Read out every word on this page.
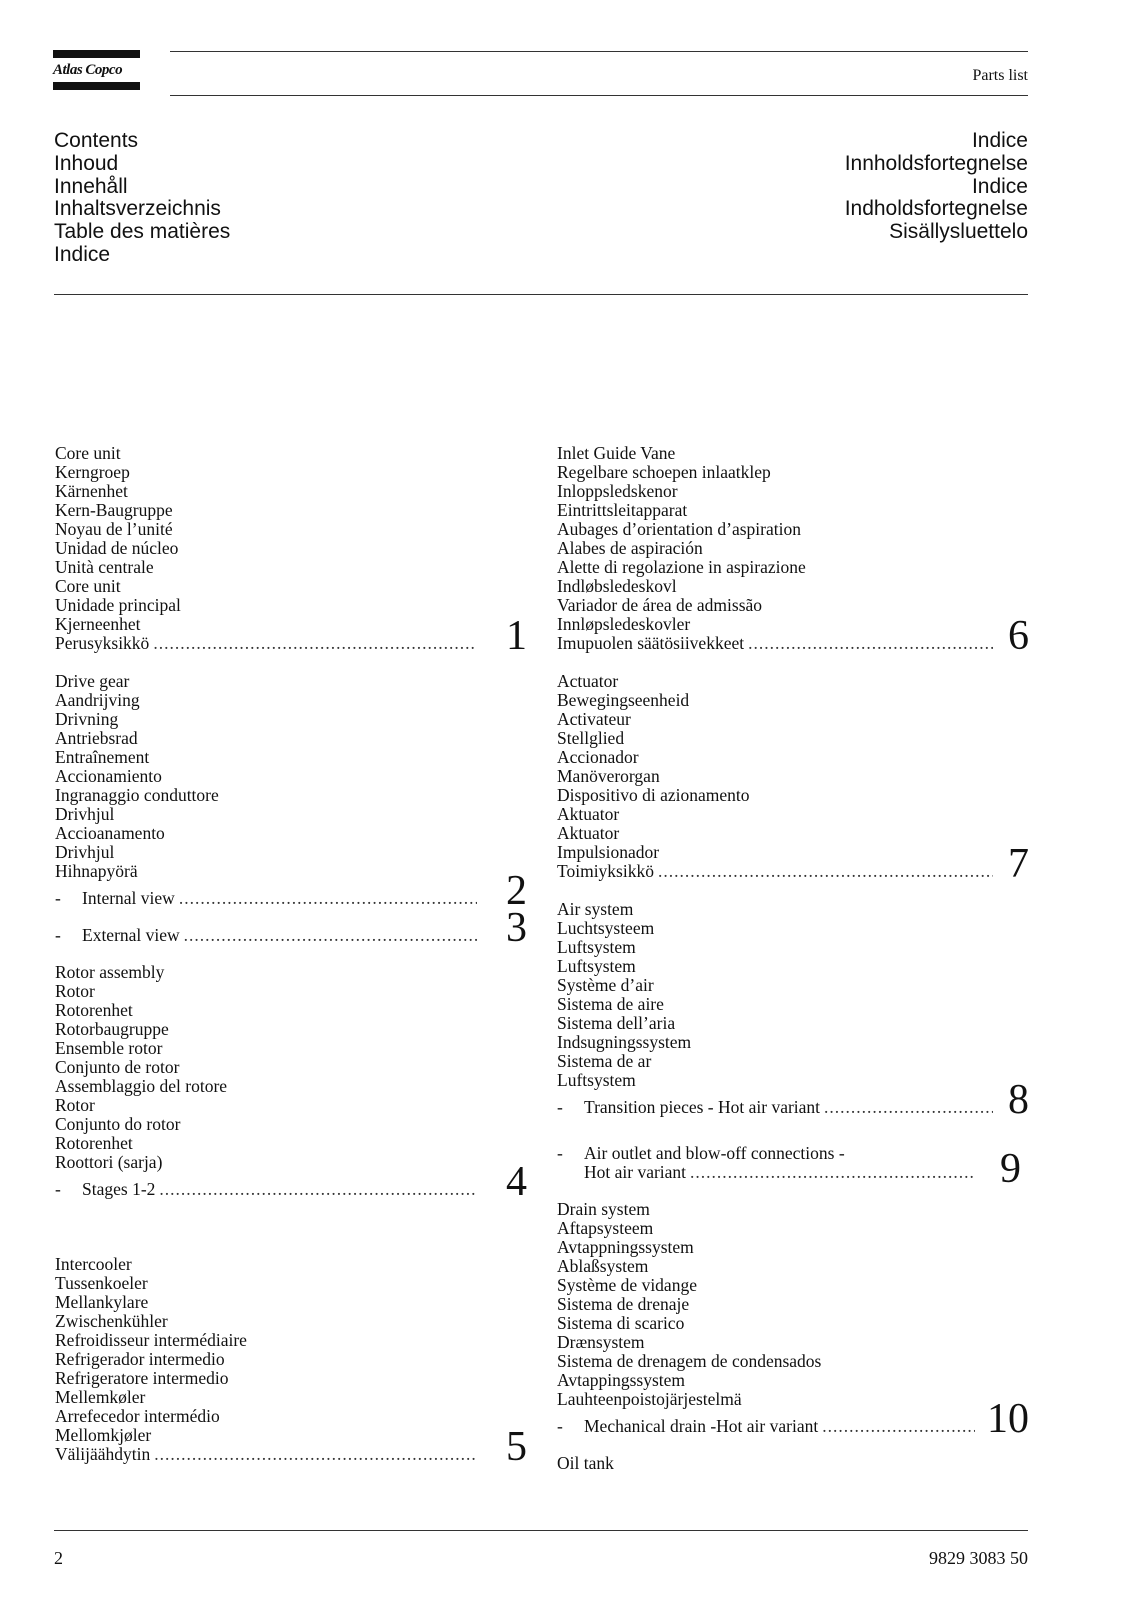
Atlas Copco	Parts list
Contents
Inhoud
Innehåll
Inhaltsverzeichnis
Table des matières
Indice
Indice
Innholdsfortegnelse
Indice
Indholdsfortegnelse
Sisällysluettelo
Core unit
Kerngroep
Kärnenhet
Kern-Baugruppe
Noyau de l’unité
Unidad de núcleo
Unità centrale
Core unit
Unidade principal
Kjerneenhet
Perusyksikkö .....	1
Drive gear
Aandrijving
Drivning
Antriebsrad
Entraînement
Accionamiento
Ingranaggio conduttore
Drivhjul
Accioanamento
Drivhjul
Hihnapyörä
- Internal view .....	2
- External view .....	3
Rotor assembly
Rotor
Rotorenhet
Rotorbaugruppe
Ensemble rotor
Conjunto de rotor
Assemblaggio del rotore
Rotor
Conjunto do rotor
Rotorenhet
Roottori (sarja)
- Stages 1-2 .....	4
Intercooler
Tussenkoeler
Mellankylare
Zwischenkühler
Refroidisseur intermédiaire
Refrigerador intermedio
Refrigeratore intermedio
Mellemkøler
Arrefecedor intermédio
Mellomkjøler
Välijäähdytin .....	5
Inlet Guide Vane
Regelbare schoepen inlaatklep
Inloppsledskenor
Eintrittsleitapparat
Aubages d’orientation d’aspiration
Alabes de aspiración
Alette di regolazione in aspirazione
Indløbsledeskovl
Variador de área de admissão
Innløpsledeskovler
Imupuolen säätösiivekkeet .....	6
Actuator
Bewegingseenheid
Activateur
Stellglied
Accionador
Manöverorgan
Dispositivo di azionamento
Aktuator
Aktuator
Impulsionador
Toimiyksikkö .....	7
Air system
Luchtsysteem
Luftsystem
Luftsystem
Système d’air
Sistema de aire
Sistema dell’aria
Indsugningssystem
Sistema de ar
Luftsystem
- Transition pieces - Hot air variant .....	8
- Air outlet and blow-off connections -
Hot air variant .....	9
Drain system
Aftapsysteem
Avtappningssystem
Ablaßsystem
Système de vidange
Sistema de drenaje
Sistema di scarico
Drænsystem
Sistema de drenagem de condensados
Avtappingssystem
Lauhteenpoistojärjestelmä
- Mechanical drain -Hot air variant .....	10
Oil tank
2	9829 3083 50
